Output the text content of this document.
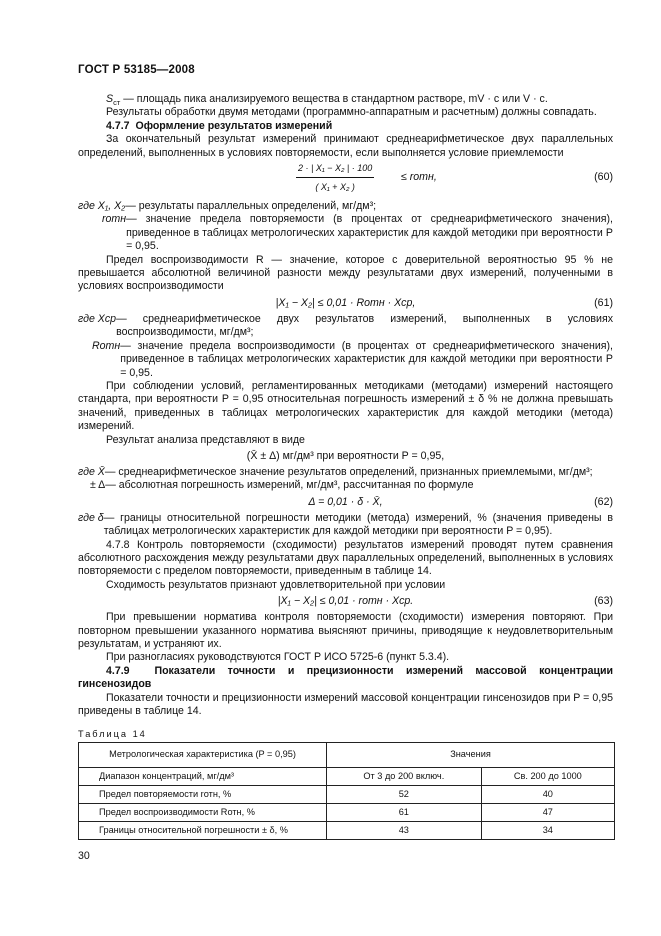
ГОСТ Р 53185—2008

$S_{ст}$ — площадь пика анализируемого вещества в стандартном растворе, mV · c или V · c.

Результаты обработки двумя методами (программно-аппаратным и расчетным) должны совпадать.

4.7.7 Оформление результатов измерений

За окончательный результат измерений принимают среднеарифметическое двух параллельных определений, выполненных в условиях повторяемости, если выполняется условие приемлемости

$\frac{\text{2 · | X₁ − X₂ | · 100}}{\text{( X₁ + X₂ )}}$	≤ rотн,	(60)
где X₁, X₂ — результаты параллельных определений, мг/дм³;
rотн — значение предела повторяемости (в процентах от среднеарифметического значения), приведенное в таблицах метрологических характеристик для каждой методики при вероятности P = 0,95.

Предел воспроизводимости R — значение, которое с доверительной вероятностью 95 % не превышается абсолютной величиной разности между результатами двух измерений, полученными в условиях воспроизводимости

|X₁ − X₂| ≤ 0,01 · Rотн · Xср,	(61)
где Xср — среднеарифметическое двух результатов измерений, выполненных в условиях воспроизводимости, мг/дм³;
Rотн — значение предела воспроизводимости (в процентах от среднеарифметического значения), приведенное в таблицах метрологических характеристик для каждой методики при вероятности P = 0,95.

При соблюдении условий, регламентированных методиками (методами) измерений настоящего стандарта, при вероятности P = 0,95 относительная погрешность измерений ± δ % не должна превышать значений, приведенных в таблицах метрологических характеристик для каждой методики (метода) измерений.

Результат анализа представляют в виде

(X̄ ± Δ) мг/дм³ при вероятности P = 0,95,
где X̄ — среднеарифметическое значение результатов определений, признанных приемлемыми, мг/дм³;
± Δ — абсолютная погрешность измерений, мг/дм³, рассчитанная по формуле
Δ = 0,01 · δ · X̄,	(62)
где δ — границы относительной погрешности методики (метода) измерений, % (значения приведены в таблицах метрологических характеристик для каждой методики при вероятности P = 0,95).

4.7.8 Контроль повторяемости (сходимости) результатов измерений проводят путем сравнения абсолютного расхождения между результатами двух параллельных определений, выполненных в условиях повторяемости с пределом повторяемости, приведенным в таблице 14.

Сходимость результатов признают удовлетворительной при условии

|X₁ − X₂| ≤ 0,01 · rотн · Xср.	(63)

При превышении норматива контроля повторяемости (сходимости) измерения повторяют. При повторном превышении указанного норматива выясняют причины, приводящие к неудовлетворительным результатам, и устраняют их.

При разногласиях руководствуются ГОСТ Р ИСО 5725-6 (пункт 5.3.4).

4.7.9 Показатели точности и прецизионности измерений массовой концентрации гинсенозидов

Показатели точности и прецизионности измерений массовой концентрации гинсенозидов при P = 0,95 приведены в таблице 14.

Таблица 14
Метрологическая характеристика (P = 0,95)	Значения	
Диапазон концентраций, мг/дм³	От 3 до 200 включ.	Св. 200 до 1000
Предел повторяемости rотн, %	52	40
Предел воспроизводимости Rотн, %	61	47
Границы относительной погрешности ± δ, %	43	34
30
